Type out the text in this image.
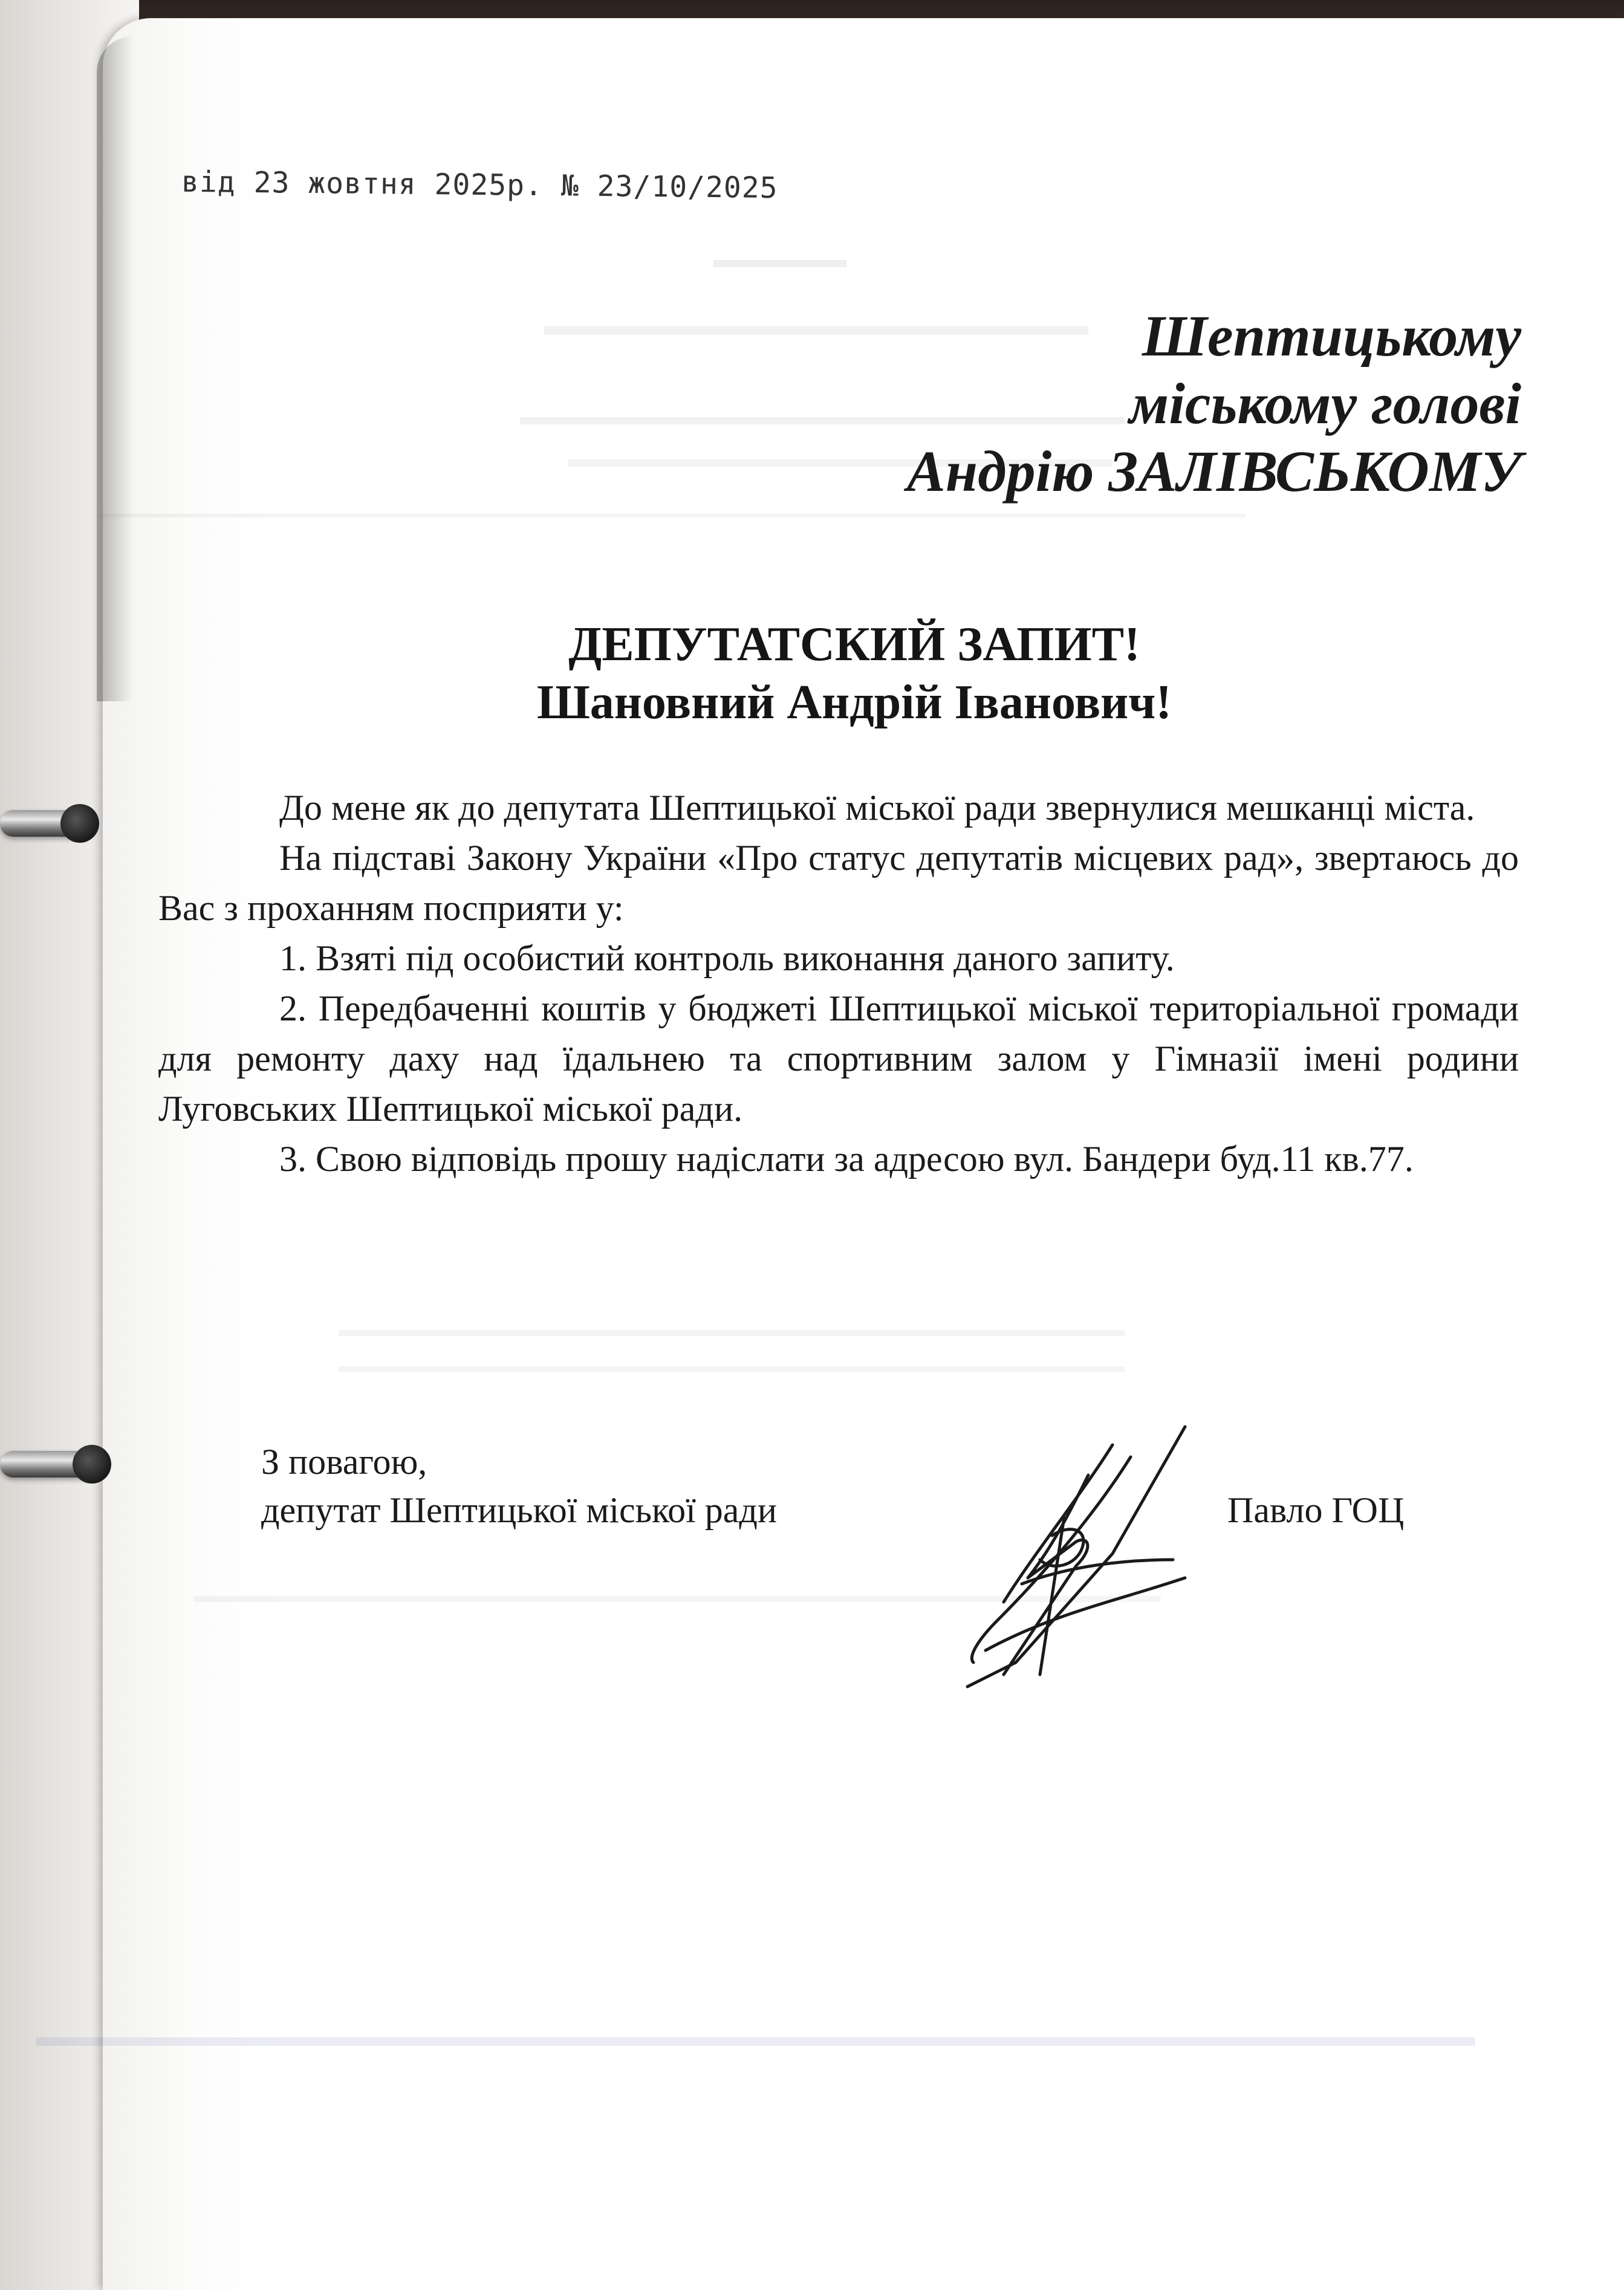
від 23 жовтня 2025р. № 23/10/2025
Шептицькому
міському голові
Андрію ЗАЛІВСЬКОМУ
ДЕПУТАТСКИЙ ЗАПИТ!
Шановний Андрій Іванович!

До мене як до депутата Шептицької міської ради звернулися мешканці міста.

На підставі Закону України «Про статус депутатів місцевих рад», звертаюсь до Вас з проханням посприяти у:

1. Взяті під особистий контроль виконання даного запиту.

2. Передбаченні коштів у бюджеті Шептицької міської територіальної громади для ремонту даху над їдальнею та спортивним залом у Гімназії імені родини Луговських Шептицької міської ради.

3. Свою відповідь прошу надіслати за адресою вул. Бандери буд.11 кв.77.

З повагою,
депутат Шептицької міської ради	Павло ГОЦ
